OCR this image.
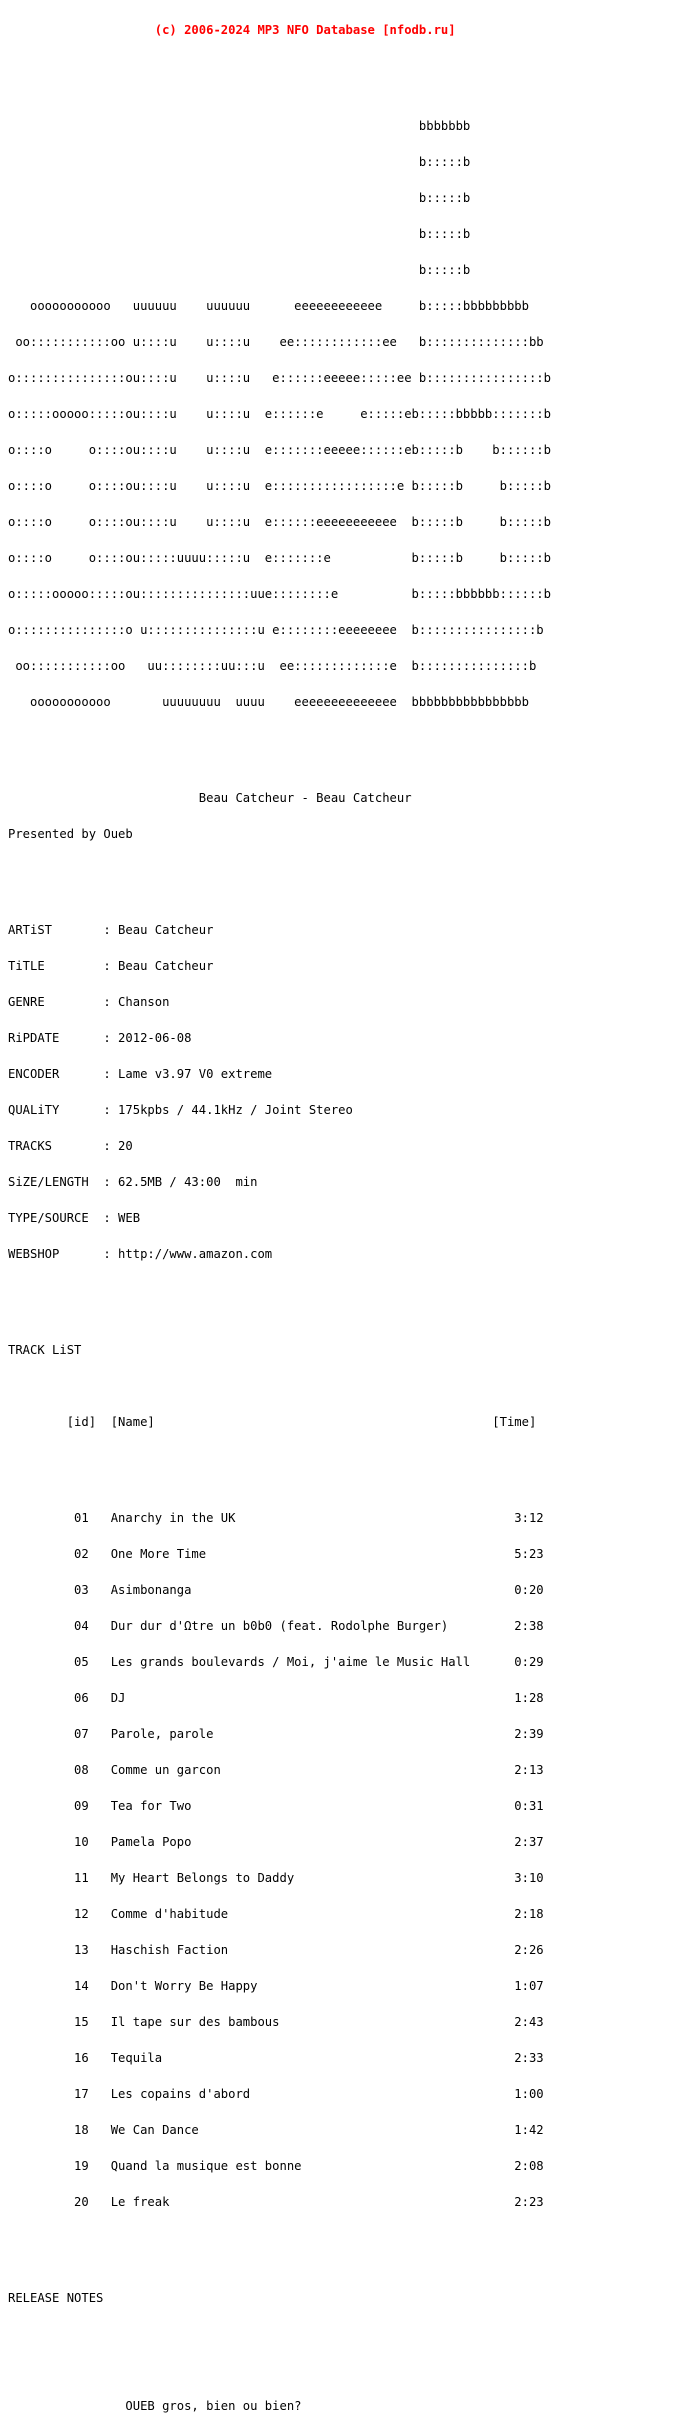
(c) 2006-2024 MP3 NFO Database [nfodb.ru]

bbbbbbb

b:::::b

b:::::b

b:::::b

b:::::b

ooooooooooo   uuuuuu    uuuuuu      eeeeeeeeeeee     b:::::bbbbbbbbb

oo:::::::::::oo u::::u    u::::u    ee::::::::::::ee   b::::::::::::::bb

o:::::::::::::::ou::::u    u::::u   e::::::eeeee:::::ee b::::::::::::::::b

o:::::ooooo:::::ou::::u    u::::u  e::::::e     e:::::eb:::::bbbbb:::::::b

o::::o     o::::ou::::u    u::::u  e:::::::eeeee::::::eb:::::b    b::::::b

o::::o     o::::ou::::u    u::::u  e:::::::::::::::::e b:::::b     b:::::b

o::::o     o::::ou::::u    u::::u  e::::::eeeeeeeeeee  b:::::b     b:::::b

o::::o     o::::ou:::::uuuu:::::u  e:::::::e           b:::::b     b:::::b

o:::::ooooo:::::ou:::::::::::::::uue::::::::e          b:::::bbbbbb::::::b

o:::::::::::::::o u:::::::::::::::u e::::::::eeeeeeee  b::::::::::::::::b

oo:::::::::::oo   uu::::::::uu:::u  ee:::::::::::::e  b:::::::::::::::b

ooooooooooo       uuuuuuuu  uuuu    eeeeeeeeeeeeee  bbbbbbbbbbbbbbbb

Beau Catcheur - Beau Catcheur

Presented by Oueb

ARTiST       : Beau Catcheur

TiTLE        : Beau Catcheur

GENRE        : Chanson

RiPDATE      : 2012-06-08

ENCODER      : Lame v3.97 V0 extreme

QUALiTY      : 175kpbs / 44.1kHz / Joint Stereo

TRACKS       : 20

SiZE/LENGTH  : 62.5MB / 43:00  min

TYPE/SOURCE  : WEB

WEBSHOP      : http://www.amazon.com

TRACK LiST

[id]  [Name]                                              [Time]

01   Anarchy in the UK                                      3:12

02   One More Time                                          5:23

03   Asimbonanga                                            0:20

04   Dur dur d'Ωtre un b0b0 (feat. Rodolphe Burger)         2:38

05   Les grands boulevards / Moi, j'aime le Music Hall      0:29

06   DJ                                                     1:28

07   Parole, parole                                         2:39

08   Comme un garcon                                        2:13

09   Tea for Two                                            0:31

10   Pamela Popo                                            2:37

11   My Heart Belongs to Daddy                              3:10

12   Comme d'habitude                                       2:18

13   Haschish Faction                                       2:26

14   Don't Worry Be Happy                                   1:07

15   Il tape sur des bambous                                2:43

16   Tequila                                                2:33

17   Les copains d'abord                                    1:00

18   We Can Dance                                           1:42

19   Quand la musique est bonne                             2:08

20   Le freak                                               2:23

RELEASE NOTES

OUEB gros, bien ou bien?
